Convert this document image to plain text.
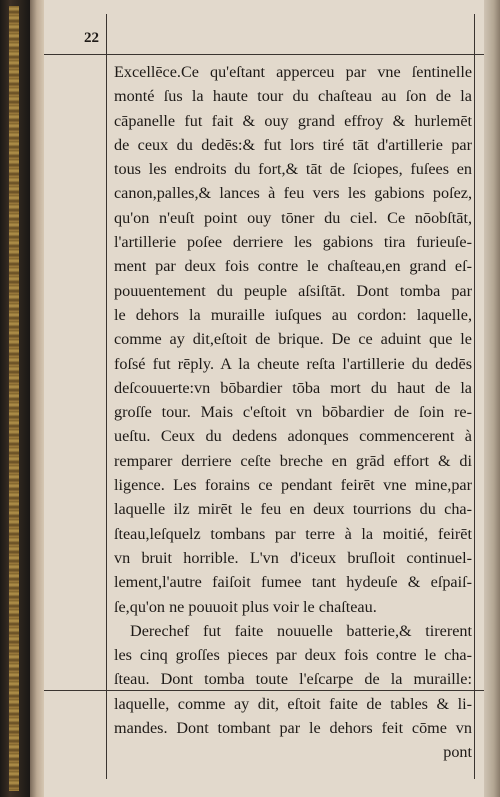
22
Excellēce.Ce qu'eſtant apperceu par vne ſentinelle
monté ſus la haute tour du chaſteau au ſon de la
cāpanelle fut fait & ouy grand effroy & hurlemēt
de ceux du dedēs:& fut lors tiré tāt d'artillerie par
tous les endroits du fort,& tāt de ſciopes, fuſees en
canon,palles,& lances à feu vers les gabions poſez,
qu'on n'euſt point ouy tōner du ciel. Ce nōobſtāt,
l'artillerie poſee derriere les gabions tira furieuſe-
ment par deux fois contre le chaſteau,en grand eſ-
pouuentement du peuple aſsiſtāt. Dont tomba par
le dehors la muraille iuſques au cordon: laquelle,
comme ay dit,eſtoit de brique. De ce aduint que le
foſsé fut rēply. A la cheute reſta l'artillerie du dedēs
deſcouuerte:vn bōbardier tōba mort du haut de la
groſſe tour. Mais c'eſtoit vn bōbardier de ſoin re-
ueſtu. Ceux du dedens adonques commencerent à
remparer derriere ceſte breche en grād effort & di
ligence. Les forains ce pendant feirēt vne mine,par
laquelle ilz mirēt le feu en deux tourrions du cha-
ſteau,leſquelz tombans par terre à la moitié, feirēt
vn bruit horrible. L'vn d'iceux bruſloit continuel-
lement,l'autre faiſoit fumee tant hydeuſe & eſpaiſ-
ſe,qu'on ne pouuoit plus voir le chaſteau.
Derechef fut faite nouuelle batterie,& tirerent
les cinq groſſes pieces par deux fois contre le cha-
ſteau. Dont tomba toute l'eſcarpe de la muraille:
laquelle, comme ay dit, eſtoit faite de tables & li-
mandes. Dont tombant par le dehors feit cōme vn
pont
